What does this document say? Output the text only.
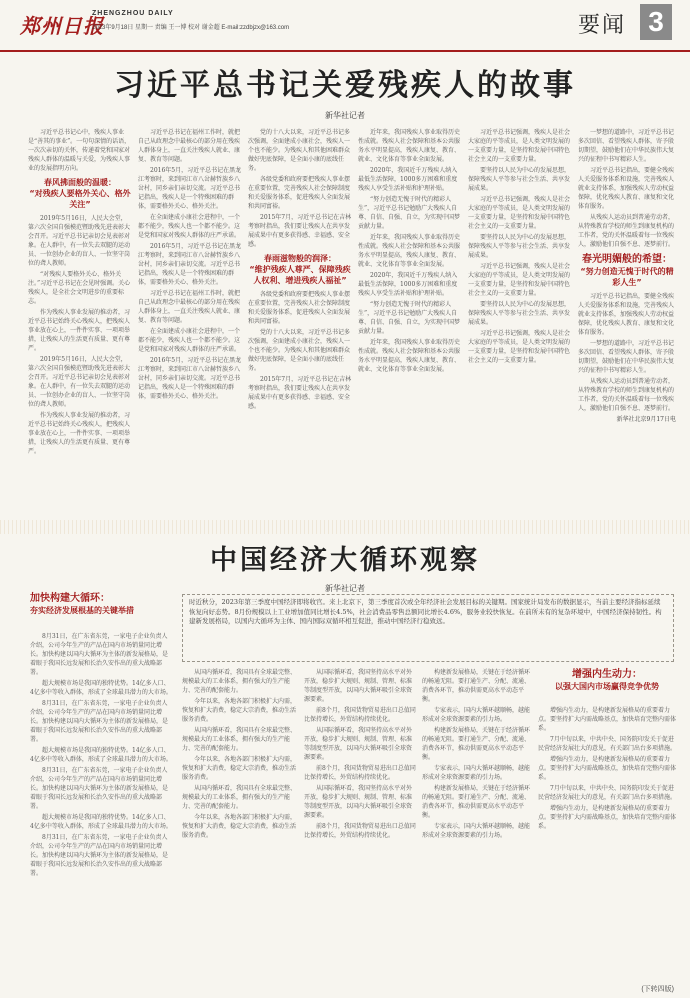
郑州日报
ZHENGZHOU DAILY
2023年9月18日 星期一 责编 王一博 校对 谢金超 E-mail:zzdbjzx@163.com	要闻 3
习近平总书记关爱残疾人的故事
新华社记者

习近平总书记心中，残疾人事业是“善其的事业”。一句句深情的话语，一次次亲切的关怀，传递着党和国家对残疾人群体的温暖与关爱，为残疾人事业的发展指明方向。

春风拂面般的温暖：
“对残疾人要格外关心、格外关注”

2019年5月16日，人民大会堂，第六次全国自强模范暨助残先进表彰大会召开。习近平总书记亲切会见表彰对象。在人群中，有一位失去双腿的运动员、一位创办企业的盲人、一位坚守岗位的聋人教师。

“对残疾人要格外关心、格外关注。”习近平总书记在会见时强调。关心残疾人，是全社会文明进步的重要标志。

作为残疾人事业发展的推动者，习近平总书记始终关心残疾人，把残疾人事业放在心上，一件件实事、一项项举措，让残疾人的生活更有质量、更有尊严。

2019年5月16日，人民大会堂，第六次全国自强模范暨助残先进表彰大会召开。习近平总书记亲切会见表彰对象。在人群中，有一位失去双腿的运动员、一位创办企业的盲人、一位坚守岗位的聋人教师。

作为残疾人事业发展的推动者，习近平总书记始终关心残疾人，把残疾人事业放在心上，一件件实事、一项项举措，让残疾人的生活更有质量、更有尊严。

习近平总书记在福州工作时，就把自己从政理念中最核心的部分用在残疾人群体身上，一直关注残疾人就业、康复、教育等问题。

2016年5月，习近平总书记在黑龙江考察时，来到同江市八岔赫哲族乡八岔村，同乡亲们亲切交流。习近平总书记指出，残疾人是一个特殊困难的群体，需要格外关心、格外关注。

在全面建成小康社会进程中，一个都不能少，残疾人也一个都不能少。这是党和国家对残疾人群体的庄严承诺。

2016年5月，习近平总书记在黑龙江考察时，来到同江市八岔赫哲族乡八岔村，同乡亲们亲切交流。习近平总书记指出，残疾人是一个特殊困难的群体，需要格外关心、格外关注。

习近平总书记在福州工作时，就把自己从政理念中最核心的部分用在残疾人群体身上，一直关注残疾人就业、康复、教育等问题。

在全面建成小康社会进程中，一个都不能少，残疾人也一个都不能少。这是党和国家对残疾人群体的庄严承诺。

2016年5月，习近平总书记在黑龙江考察时，来到同江市八岔赫哲族乡八岔村，同乡亲们亲切交流。习近平总书记指出，残疾人是一个特殊困难的群体，需要格外关心、格外关注。

党的十八大以来，习近平总书记多次强调，全面建成小康社会，残疾人一个也不能少。为残疾人和其他困难群众做好兜底保障，是全面小康的底线任务。

各级党委和政府要把残疾人事业摆在重要位置，完善残疾人社会保障制度和关爱服务体系，促进残疾人全面发展和共同富裕。

2015年7月，习近平总书记在吉林考察时指出，我们要让残疾人在共享发展成果中有更多获得感、幸福感、安全感。

春雨滋物般的润泽：
“维护残疾人尊严、保障残疾人权利、增进残疾人福祉”

各级党委和政府要把残疾人事业摆在重要位置，完善残疾人社会保障制度和关爱服务体系，促进残疾人全面发展和共同富裕。

党的十八大以来，习近平总书记多次强调，全面建成小康社会，残疾人一个也不能少。为残疾人和其他困难群众做好兜底保障，是全面小康的底线任务。

2015年7月，习近平总书记在吉林考察时指出，我们要让残疾人在共享发展成果中有更多获得感、幸福感、安全感。

近年来，我国残疾人事业取得历史性成就。残疾人社会保障和基本公共服务水平明显提高，残疾人康复、教育、就业、文化体育等事业全面发展。

2020年，我国近千万残疾人纳入最低生活保障，1000多万困难和重度残疾人享受生活补贴和护理补贴。

“努力创造无愧于时代的精彩人生”，习近平总书记勉励广大残疾人自尊、自信、自强、自立，为实现中国梦贡献力量。

近年来，我国残疾人事业取得历史性成就。残疾人社会保障和基本公共服务水平明显提高，残疾人康复、教育、就业、文化体育等事业全面发展。

2020年，我国近千万残疾人纳入最低生活保障，1000多万困难和重度残疾人享受生活补贴和护理补贴。

“努力创造无愧于时代的精彩人生”，习近平总书记勉励广大残疾人自尊、自信、自强、自立，为实现中国梦贡献力量。

近年来，我国残疾人事业取得历史性成就。残疾人社会保障和基本公共服务水平明显提高，残疾人康复、教育、就业、文化体育等事业全面发展。

习近平总书记强调，残疾人是社会大家庭的平等成员，是人类文明发展的一支重要力量，是坚持和发展中国特色社会主义的一支重要力量。

要坚持以人民为中心的发展思想，保障残疾人平等参与社会生活、共享发展成果。

习近平总书记强调，残疾人是社会大家庭的平等成员，是人类文明发展的一支重要力量，是坚持和发展中国特色社会主义的一支重要力量。

要坚持以人民为中心的发展思想，保障残疾人平等参与社会生活、共享发展成果。

习近平总书记强调，残疾人是社会大家庭的平等成员，是人类文明发展的一支重要力量，是坚持和发展中国特色社会主义的一支重要力量。

要坚持以人民为中心的发展思想，保障残疾人平等参与社会生活、共享发展成果。

习近平总书记强调，残疾人是社会大家庭的平等成员，是人类文明发展的一支重要力量，是坚持和发展中国特色社会主义的一支重要力量。

一梦想的道路中，习近平总书记多次回信、看望残疾人群体，寄予殷切期望，鼓励他们在中华民族伟大复兴的征程中书写精彩人生。

习近平总书记指出，要健全残疾人关爱服务体系和设施，完善残疾人就业支持体系，加强残疾人劳动权益保障，优化残疾人教育、康复和文化体育服务。

从残疾人运动员到普通劳动者，从特殊教育学校的师生到康复机构的工作者，党的关怀温暖着每一位残疾人，激励他们自强不息、逐梦前行。

春光明媚般的希望：
“努力创造无愧于时代的精彩人生”

习近平总书记指出，要健全残疾人关爱服务体系和设施，完善残疾人就业支持体系，加强残疾人劳动权益保障，优化残疾人教育、康复和文化体育服务。

一梦想的道路中，习近平总书记多次回信、看望残疾人群体，寄予殷切期望，鼓励他们在中华民族伟大复兴的征程中书写精彩人生。

从残疾人运动员到普通劳动者，从特殊教育学校的师生到康复机构的工作者，党的关怀温暖着每一位残疾人，激励他们自强不息、逐梦前行。

新华社北京9月17日电
中国经济大循环观察
新华社记者
加快构建大循环：
夯实经济发展根基的关键举措
时近秋分，2023年第三季度中国经济即将收官。来上北京下，第三季度首次或全年经济社会发展目标的关键期。国家统计局发布的数据显示，当前主要经济指标延续恢复向好态势。8月份规模以上工业增加值同比增长4.5%，社会消费品零售总额同比增长4.6%，服务业较快恢复。在前所未有的复杂环境中，中国经济保持韧性。构建新发展格局，以国内大循环为主体、国内国际双循环相互促进，推动中国经济行稳致远。

8月31日，在广东省东莞，一家电子企业负责人介绍，公司今年生产的产品在国内市场销量同比增长。加快构建以国内大循环为主体的新发展格局，是着眼于我国长远发展和长治久安作出的重大战略部署。

超大规模市场是我国的独特优势。14亿多人口、4亿多中等收入群体，形成了全球最具潜力的大市场。

8月31日，在广东省东莞，一家电子企业负责人介绍，公司今年生产的产品在国内市场销量同比增长。加快构建以国内大循环为主体的新发展格局，是着眼于我国长远发展和长治久安作出的重大战略部署。

超大规模市场是我国的独特优势。14亿多人口、4亿多中等收入群体，形成了全球最具潜力的大市场。

8月31日，在广东省东莞，一家电子企业负责人介绍，公司今年生产的产品在国内市场销量同比增长。加快构建以国内大循环为主体的新发展格局，是着眼于我国长远发展和长治久安作出的重大战略部署。

超大规模市场是我国的独特优势。14亿多人口、4亿多中等收入群体，形成了全球最具潜力的大市场。

8月31日，在广东省东莞，一家电子企业负责人介绍，公司今年生产的产品在国内市场销量同比增长。加快构建以国内大循环为主体的新发展格局，是着眼于我国长远发展和长治久安作出的重大战略部署。

从国内循环看，我国具有全球最完整、规模最大的工业体系，拥有强大的生产能力、完善的配套能力。

今年以来，各地各部门积极扩大内需，恢复和扩大消费，稳定大宗消费，推动生活服务消费。

从国内循环看，我国具有全球最完整、规模最大的工业体系，拥有强大的生产能力、完善的配套能力。

今年以来，各地各部门积极扩大内需，恢复和扩大消费，稳定大宗消费，推动生活服务消费。

从国内循环看，我国具有全球最完整、规模最大的工业体系，拥有强大的生产能力、完善的配套能力。

今年以来，各地各部门积极扩大内需，恢复和扩大消费，稳定大宗消费，推动生活服务消费。

从国际循环看，我国坚持高水平对外开放，稳步扩大规则、规制、管理、标准等制度型开放，以国内大循环吸引全球资源要素。

前8个月，我国货物贸易进出口总值同比保持增长，外贸结构持续优化。

从国际循环看，我国坚持高水平对外开放，稳步扩大规则、规制、管理、标准等制度型开放，以国内大循环吸引全球资源要素。

前8个月，我国货物贸易进出口总值同比保持增长，外贸结构持续优化。

从国际循环看，我国坚持高水平对外开放，稳步扩大规则、规制、管理、标准等制度型开放，以国内大循环吸引全球资源要素。

前8个月，我国货物贸易进出口总值同比保持增长，外贸结构持续优化。

构建新发展格局，关键在于经济循环的畅通无阻。要打通生产、分配、流通、消费各环节，推动供需更高水平动态平衡。

专家表示，国内大循环越顺畅，越能形成对全球资源要素的引力场。

构建新发展格局，关键在于经济循环的畅通无阻。要打通生产、分配、流通、消费各环节，推动供需更高水平动态平衡。

专家表示，国内大循环越顺畅，越能形成对全球资源要素的引力场。

构建新发展格局，关键在于经济循环的畅通无阻。要打通生产、分配、流通、消费各环节，推动供需更高水平动态平衡。

专家表示，国内大循环越顺畅，越能形成对全球资源要素的引力场。

增强内生动力：
以强大国内市场赢得竞争优势

增强内生动力，是构建新发展格局的重要着力点。要坚持扩大内需战略基点，加快培育完整内需体系。

7月中旬以来，中共中央、国务院印发关于促进民营经济发展壮大的意见，有关部门出台多项措施。

增强内生动力，是构建新发展格局的重要着力点。要坚持扩大内需战略基点，加快培育完整内需体系。

7月中旬以来，中共中央、国务院印发关于促进民营经济发展壮大的意见，有关部门出台多项措施。

增强内生动力，是构建新发展格局的重要着力点。要坚持扩大内需战略基点，加快培育完整内需体系。

(下转四版)
